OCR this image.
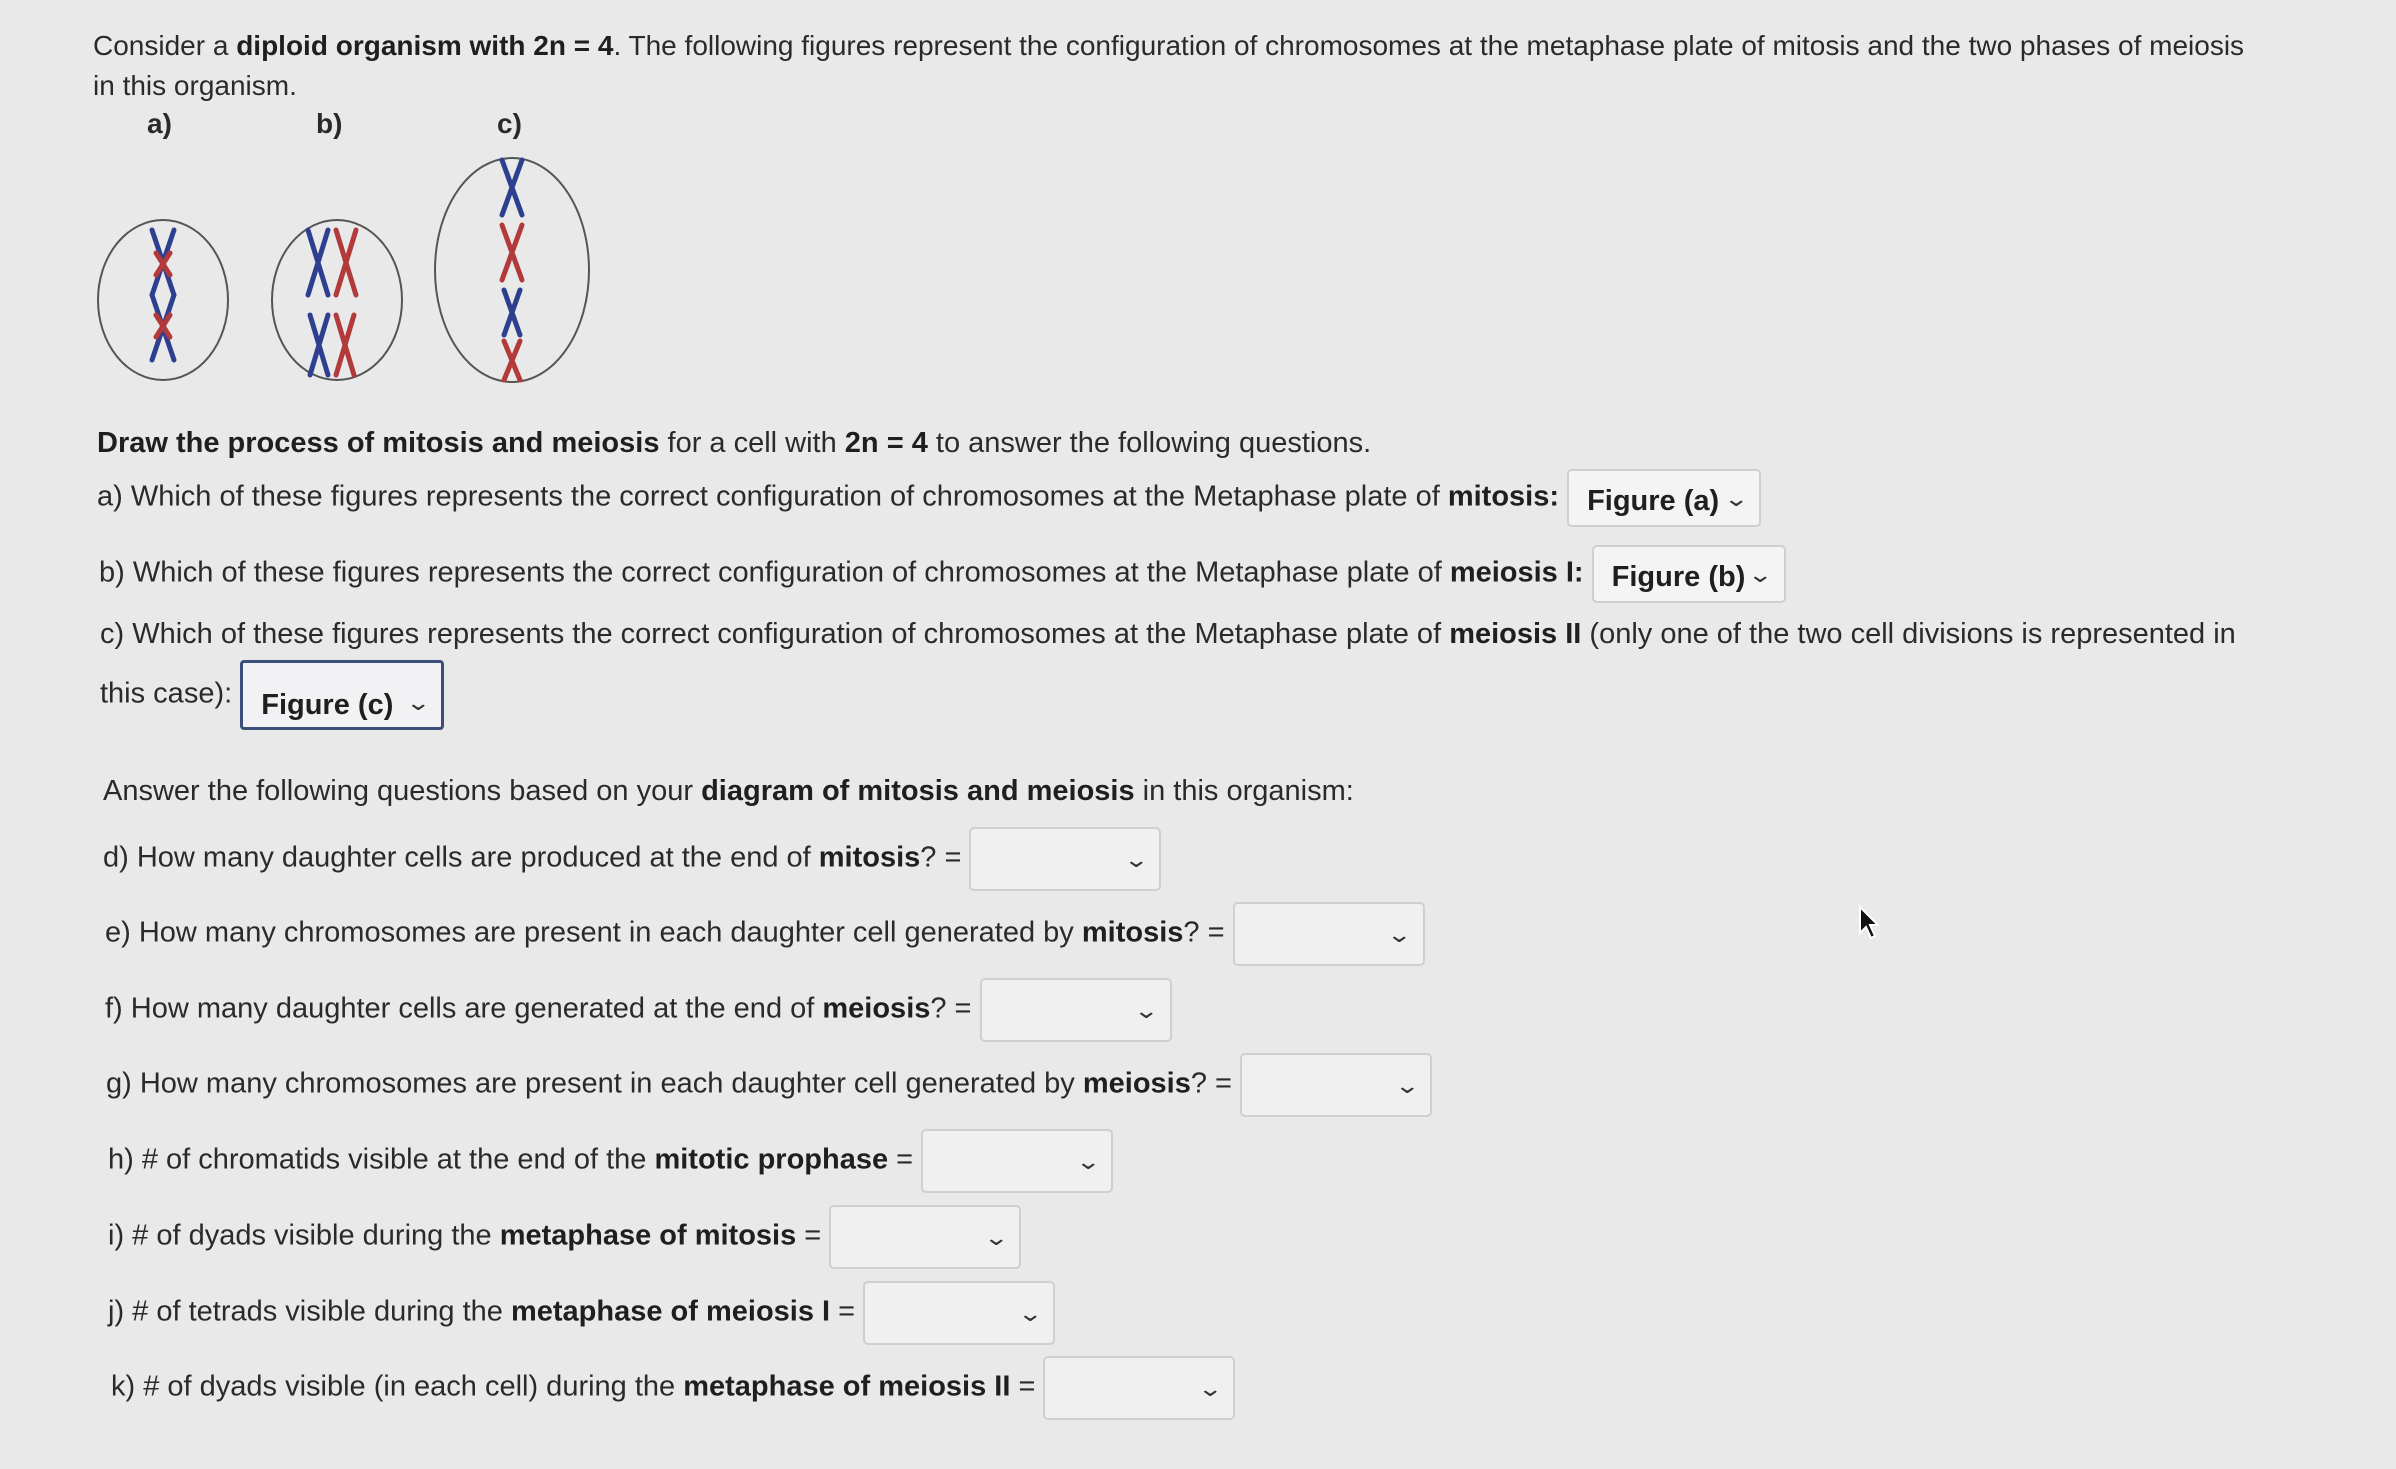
Consider a diploid organism with 2n = 4. The following figures represent the configuration of chromosomes at the metaphase plate of mitosis and the two phases of meiosis in this organism.
a)	b)	c)
Draw the process of mitosis and meiosis for a cell with 2n = 4 to answer the following questions.
a) Which of these figures represents the correct configuration of chromosomes at the Metaphase plate of mitosis: Figure (a) ⌄
b) Which of these figures represents the correct configuration of chromosomes at the Metaphase plate of meiosis I: Figure (b) ⌄
c) Which of these figures represents the correct configuration of chromosomes at the Metaphase plate of meiosis II (only one of the two cell divisions is represented in this case): Figure (c) ⌄
Answer the following questions based on your diagram of mitosis and meiosis in this organism:
d) How many daughter cells are produced at the end of mitosis? =	⌄
e) How many chromosomes are present in each daughter cell generated by mitosis? =	⌄
f) How many daughter cells are generated at the end of meiosis? =	⌄
g) How many chromosomes are present in each daughter cell generated by meiosis? =	⌄
h) # of chromatids visible at the end of the mitotic prophase =	⌄
i) # of dyads visible during the metaphase of mitosis =	⌄
j) # of tetrads visible during the metaphase of meiosis I =	⌄
k) # of dyads visible (in each cell) during the metaphase of meiosis II =	⌄
